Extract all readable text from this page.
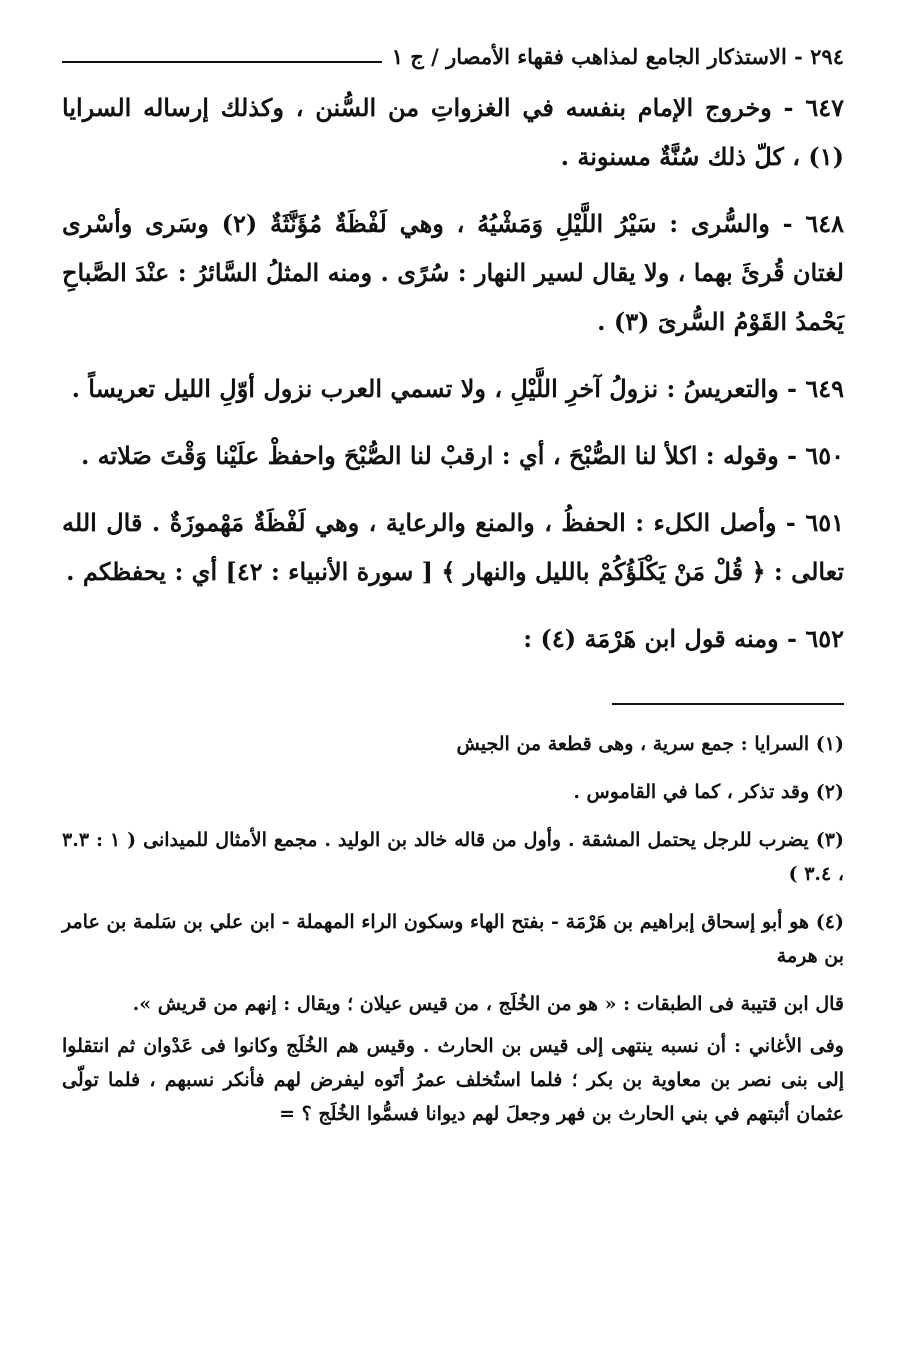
٢٩٤ - الاستذكار الجامع لمذاهب فقهاء الأمصار / ج ١

٦٤٧ - وخروج الإمام بنفسه في الغزواتِ من السُّنن ، وكذلك إرساله السرايا (١) ، كلّ ذلك سُنَّةٌ مسنونة .

٦٤٨ - والسُّرى : سَيْرُ اللَّيْلِ وَمَشْيُهُ ، وهي لَفْظَةٌ مُؤَنَّثَةٌ (٢) وسَرى وأسْرى لغتان قُرئَ بهما ، ولا يقال لسير النهار : سُرًى . ومنه المثلُ السَّائرُ : عنْدَ الصَّباحِ يَحْمدُ القَوْمُ السُّرىَ (٣) .

٦٤٩ - والتعريسُ : نزولُ آخرِ اللَّيْلِ ، ولا تسمي العرب نزول أوّلِ الليل تعريساً .

٦٥٠ - وقوله : اكلأ لنا الصُّبْحَ ، أي : ارقبْ لنا الصُّبْحَ واحفظْ علَيْنا وَقْتَ صَلاته .

٦٥١ - وأصل الكلء : الحفظُ ، والمنع والرعاية ، وهي لَفْظَةٌ مَهْموزَةٌ . قال الله تعالى : ﴿ قُلْ مَنْ يَكْلَؤُكُمْ بالليل والنهار ﴾ [ سورة الأنبياء : ٤٢] أي : يحفظكم .

٦٥٢ - ومنه قول ابن هَرْمَة (٤) :

(١) السرايا : جمع سرية ، وهى قطعة من الجيش

(٢) وقد تذكر ، كما في القاموس .

(٣) يضرب للرجل يحتمل المشقة . وأول من قاله خالد بن الوليد . مجمع الأمثال للميدانى ( ١ : ٣.٣ ، ٣.٤ )

(٤) هو أبو إسحاق إبراهيم بن هَرْمَة - بفتح الهاء وسكون الراء المهملة - ابن علي بن سَلمة بن عامر بن هرمة

قال ابن قتيبة فى الطبقات : « هو من الخُلَج ، من قيس عيلان ؛ ويقال : إنهم من قريش ».

وفى الأغاني : أن نسبه ينتهى إلى قيس بن الحارث . وقيس هم الخُلَج وكانوا فى عَدْوان ثم انتقلوا إلى بنى نصر بن معاوية بن بكر ؛ فلما استُخلف عمرُ أتَوه ليفرض لهم فأنكر نسبهم ، فلما تولّى عثمان أثبتهم في بني الحارث بن فهر وجعلَ لهم ديوانا فسمُّوا الخُلَج ؟ =
